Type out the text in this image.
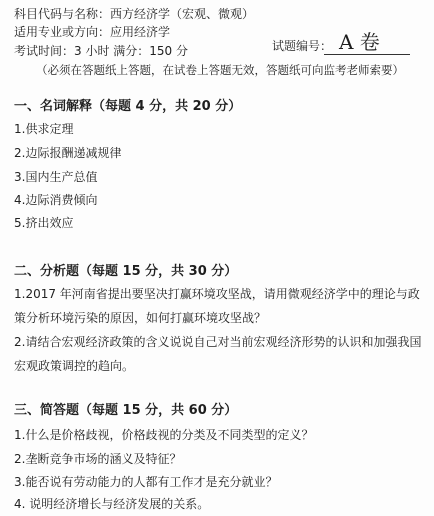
科目代码与名称：西方经济学（宏观、微观）
适用专业或方向：应用经济学
考试时间：3 小时 满分：150 分	试题编号： A 卷
（必须在答题纸上答题，在试卷上答题无效，答题纸可向监考老师索要）
一、名词解释（每题 4 分，共 20 分）
1.供求定理
2.边际报酬递减规律
3.国内生产总值
4.边际消费倾向
5.挤出效应
二、分析题（每题 15 分，共 30 分）
1.2017 年河南省提出要坚决打赢环境攻坚战，请用微观经济学中的理论与政策分析环境污染的原因，如何打赢环境攻坚战？
2.请结合宏观经济政策的含义说说自己对当前宏观经济形势的认识和加强我国宏观政策调控的趋向。
三、简答题（每题 15 分，共 60 分）
1.什么是价格歧视，价格歧视的分类及不同类型的定义？
2.垄断竞争市场的涵义及特征？
3.能否说有劳动能力的人都有工作才是充分就业？
4. 说明经济增长与经济发展的关系。
